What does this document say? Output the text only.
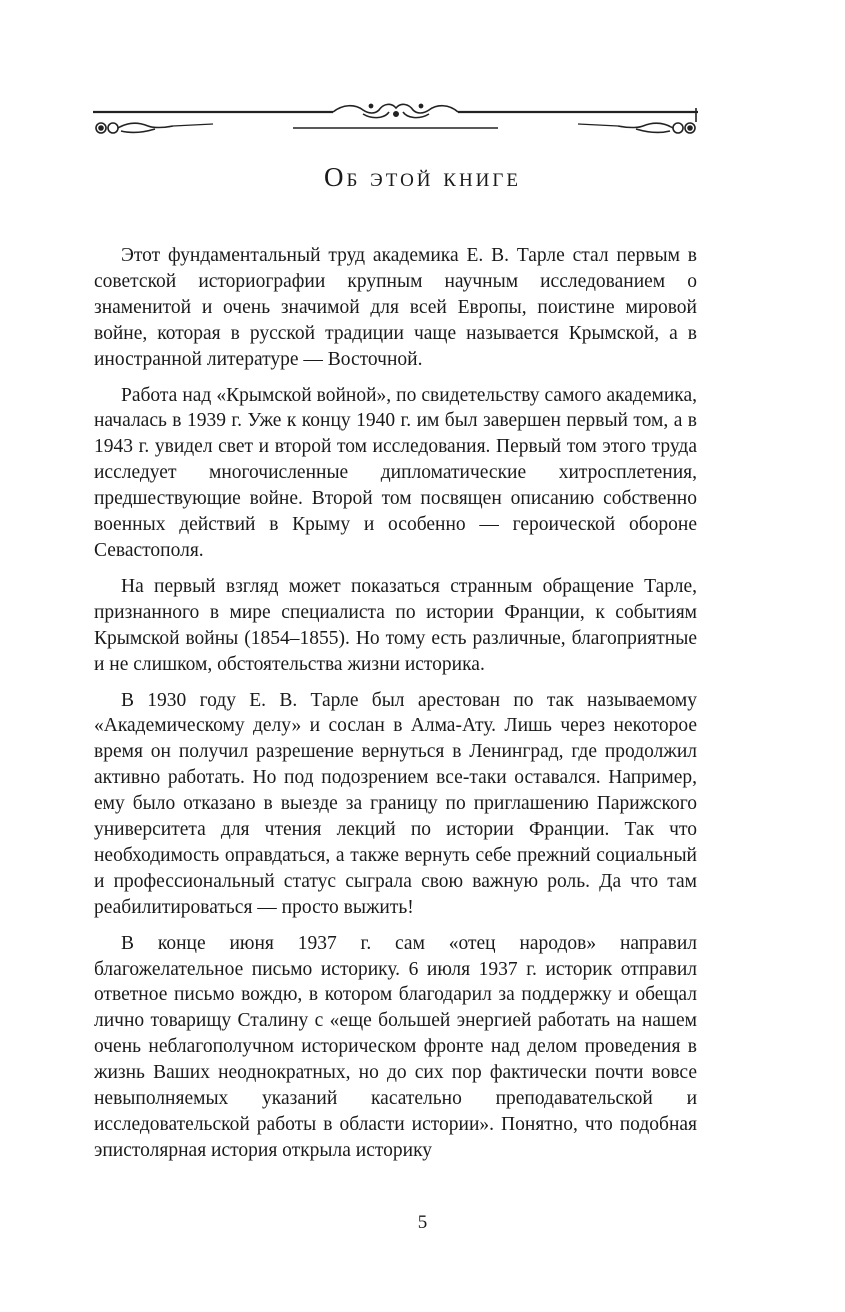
Об этой книге

Этот фундаментальный труд академика Е. В. Тарле стал первым в советской историографии крупным научным исследованием о знаменитой и очень значимой для всей Европы, поистине мировой войне, которая в русской традиции чаще называется Крымской, а в иностранной литературе — Восточной.

Работа над «Крымской войной», по свидетельству самого академика, началась в 1939 г. Уже к концу 1940 г. им был завершен первый том, а в 1943 г. увидел свет и второй том исследования. Первый том этого труда исследует многочисленные дипломатические хитросплетения, предшествующие войне. Второй том посвящен описанию собственно военных действий в Крыму и особенно — героической обороне Севастополя.

На первый взгляд может показаться странным обращение Тарле, признанного в мире специалиста по истории Франции, к событиям Крымской войны (1854–1855). Но тому есть различные, благоприятные и не слишком, обстоятельства жизни историка.

В 1930 году Е. В. Тарле был арестован по так называемому «Академическому делу» и сослан в Алма-Ату. Лишь через некоторое время он получил разрешение вернуться в Ленинград, где продолжил активно работать. Но под подозрением все-таки оставался. Например, ему было отказано в выезде за границу по приглашению Парижского университета для чтения лекций по истории Франции. Так что необходимость оправдаться, а также вернуть себе прежний социальный и профессиональный статус сыграла свою важную роль. Да что там реабилитироваться — просто выжить!

В конце июня 1937 г. сам «отец народов» направил благожелательное письмо историку. 6 июля 1937 г. историк отправил ответное письмо вождю, в котором благодарил за поддержку и обещал лично товарищу Сталину с «еще большей энергией работать на нашем очень неблагополучном историческом фронте над делом проведения в жизнь Ваших неоднократных, но до сих пор фактически почти вовсе невыполняемых указаний касательно преподавательской и исследовательской работы в области истории». Понятно, что подобная эпистолярная история открыла историку

5
